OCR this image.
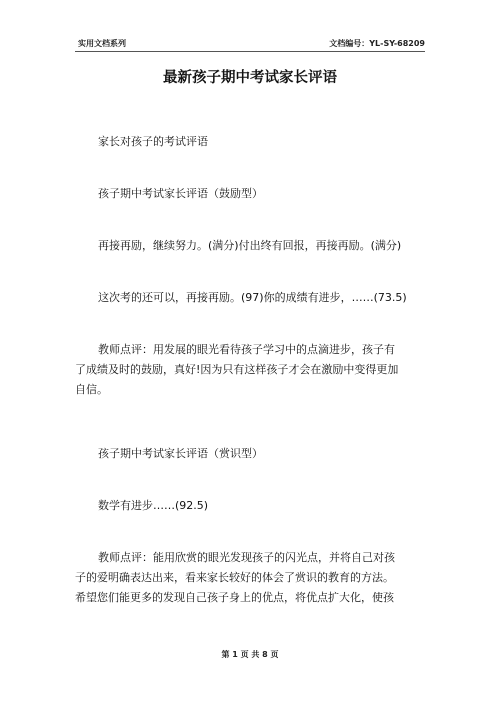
实用文档系列	文档编号：YL-SY-68209
最新孩子期中考试家长评语
家长对孩子的考试评语
孩子期中考试家长评语（鼓励型）
再接再励，继续努力。(满分)付出终有回报，再接再励。(满分)
这次考的还可以，再接再励。(97)你的成绩有进步，……(73.5)
教师点评：用发展的眼光看待孩子学习中的点滴进步，孩子有
了成绩及时的鼓励，真好!因为只有这样孩子才会在激励中变得更加
自信。
孩子期中考试家长评语（赏识型）
数学有进步……(92.5)
教师点评：能用欣赏的眼光发现孩子的闪光点，并将自己对孩
子的爱明确表达出来，看来家长较好的体会了赏识的教育的方法。
希望您们能更多的发现自己孩子身上的优点，将优点扩大化，使孩
第 1 页 共 8 页
